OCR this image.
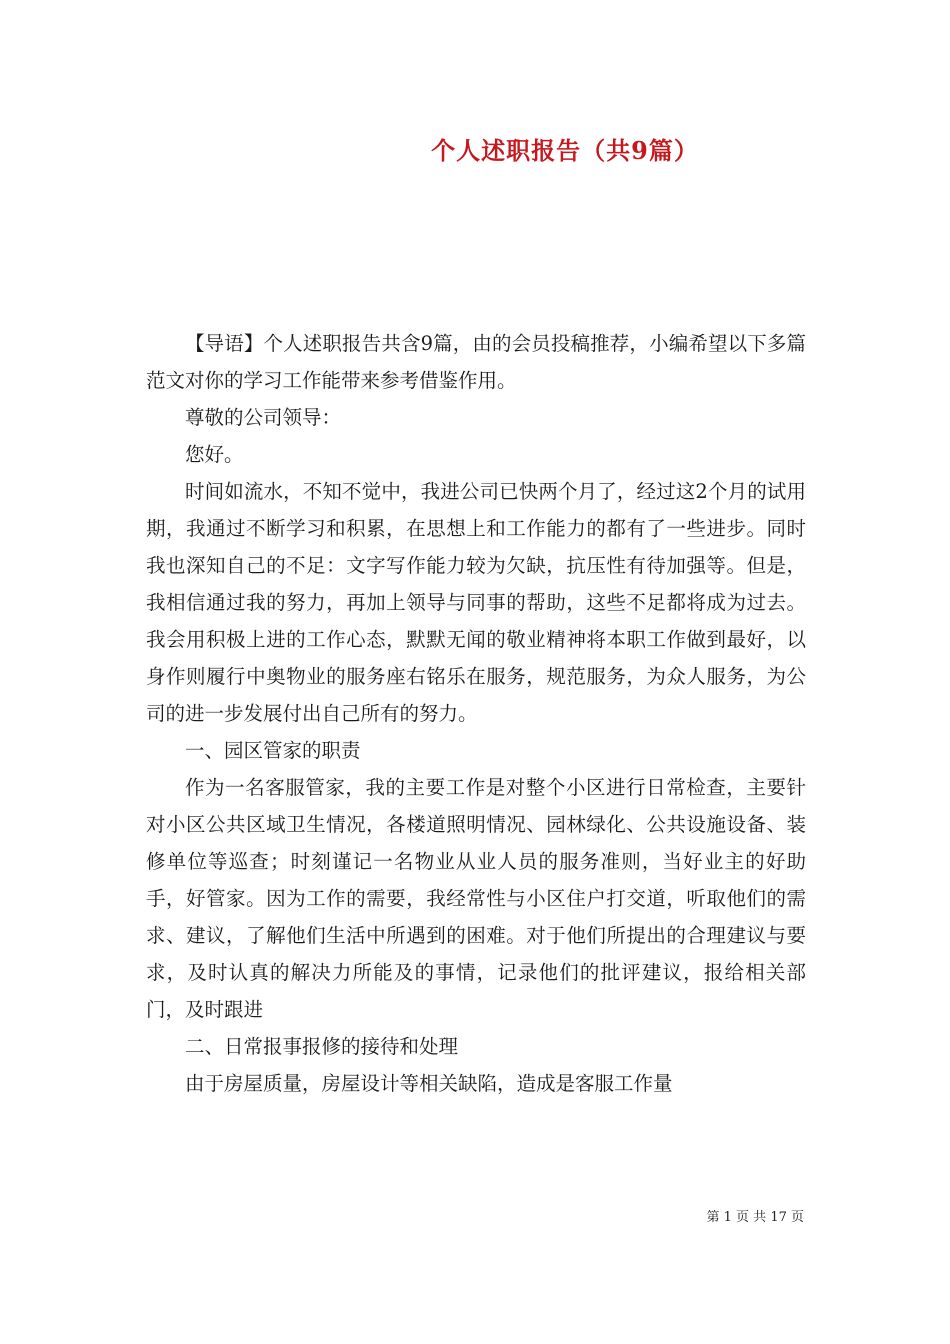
个人述职报告（共9篇）

【导语】个人述职报告共含9篇，由的会员投稿推荐，小编希望以下多篇范文对你的学习工作能带来参考借鉴作用。

尊敬的公司领导：

您好。

时间如流水，不知不觉中，我进公司已快两个月了，经过这2个月的试用期，我通过不断学习和积累，在思想上和工作能力的都有了一些进步。同时我也深知自己的不足：文字写作能力较为欠缺，抗压性有待加强等。但是，我相信通过我的努力，再加上领导与同事的帮助，这些不足都将成为过去。我会用积极上进的工作心态，默默无闻的敬业精神将本职工作做到最好，以身作则履行中奥物业的服务座右铭乐在服务，规范服务，为众人服务，为公司的进一步发展付出自己所有的努力。

一、园区管家的职责

作为一名客服管家，我的主要工作是对整个小区进行日常检查，主要针对小区公共区域卫生情况，各楼道照明情况、园林绿化、公共设施设备、装修单位等巡查；时刻谨记一名物业从业人员的服务准则，当好业主的好助手，好管家。因为工作的需要，我经常性与小区住户打交道，听取他们的需求、建议，了解他们生活中所遇到的困难。对于他们所提出的合理建议与要求，及时认真的解决力所能及的事情，记录他们的批评建议，报给相关部门，及时跟进

二、日常报事报修的接待和处理

由于房屋质量，房屋设计等相关缺陷，造成是客服工作量

第 1 页 共 17 页
